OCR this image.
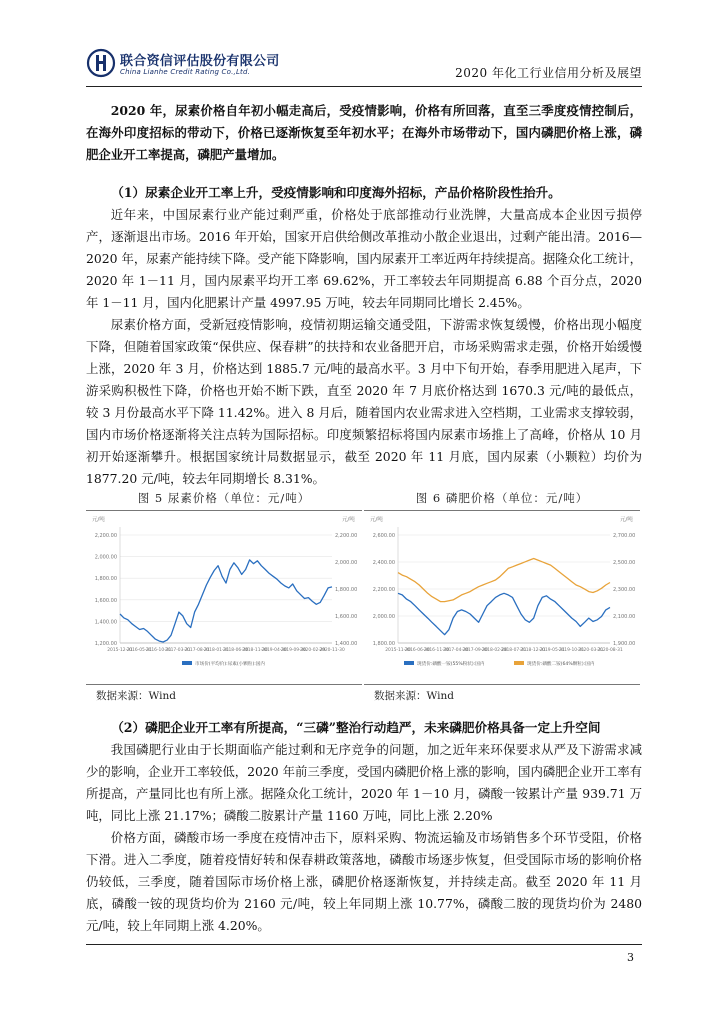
联合资信评估股份有限公司
China Lianhe Credit Rating Co.,Ltd.	2020 年化工行业信用分析及展望

2020 年，尿素价格自年初小幅走高后，受疫情影响，价格有所回落，直至三季度疫情控制后，在海外印度招标的带动下，价格已逐渐恢复至年初水平；在海外市场带动下，国内磷肥价格上涨，磷肥企业开工率提高，磷肥产量增加。

（1）尿素企业开工率上升，受疫情影响和印度海外招标，产品价格阶段性抬升。

近年来，中国尿素行业产能过剩严重，价格处于底部推动行业洗牌，大量高成本企业因亏损停产，逐渐退出市场。2016 年开始，国家开启供给侧改革推动小散企业退出，过剩产能出清。2016—2020 年，尿素产能持续下降。受产能下降影响，国内尿素开工率近两年持续提高。据隆众化工统计，2020 年 1－11 月，国内尿素平均开工率 69.62%，开工率较去年同期提高 6.88 个百分点，2020 年 1－11 月，国内化肥累计产量 4997.95 万吨，较去年同期同比增长 2.45%。

尿素价格方面，受新冠疫情影响，疫情初期运输交通受阻，下游需求恢复缓慢，价格出现小幅度下降，但随着国家政策“保供应、保春耕”的扶持和农业备肥开启，市场采购需求走强，价格开始缓慢上涨，2020 年 3 月，价格达到 1885.7 元/吨的最高水平。3 月中下旬开始，春季用肥进入尾声，下游采购积极性下降，价格也开始不断下跌，直至 2020 年 7 月底价格达到 1670.3 元/吨的最低点，较 3 月份最高水平下降 11.42%。进入 8 月后，随着国内农业需求进入空档期，工业需求支撑较弱，国内市场价格逐渐将关注点转为国际招标。印度频繁招标将国内尿素市场推上了高峰，价格从 10 月初开始逐渐攀升。根据国家统计局数据显示，截至 2020 年 11 月底，国内尿素（小颗粒）均价为 1877.20 元/吨，较去年同期增长 8.31%。

图 5 尿素价格（单位：元/吨）
元/吨	元/吨
2,200.00
2,000.00
1,800.00
1,600.00
1,400.00
1,200.00
2,200.00
2,000.00
1,800.00
1,600.00
1,400.00
2015-12-31
2016-05-31
2016-10-31
2017-03-31
2017-08-31
2018-01-31
2018-06-30
2018-11-30
2019-04-30
2019-09-30
2020-02-29
2020-11-30
市场价(平均价):尿素(小颗粒):国内
数据来源：Wind
图 6 磷肥价格（单位：元/吨）
元/吨	元/吨
2,600.00
2,400.00
2,200.00
2,000.00
1,800.00
2,700.00
2,500.00
2,300.00
2,100.00
1,900.00
2015-11-30
2016-06-30
2016-11-30
2017-04-30
2017-09-30
2018-02-28
2018-07-31
2018-12-31
2019-05-31
2019-10-31
2020-03-31
2020-08-31
现货价:磷酸一铵(55%粉状):国内	现货价:磷酸二铵(64%颗粒):国内
数据来源：Wind
（2）磷肥企业开工率有所提高，“三磷”整治行动趋严，未来磷肥价格具备一定上升空间

我国磷肥行业由于长期面临产能过剩和无序竞争的问题，加之近年来环保要求从严及下游需求减少的影响，企业开工率较低，2020 年前三季度，受国内磷肥价格上涨的影响，国内磷肥企业开工率有所提高，产量同比也有所上涨。据隆众化工统计，2020 年 1－10 月，磷酸一铵累计产量 939.71 万吨，同比上涨 21.17%；磷酸二胺累计产量 1160 万吨，同比上涨 2.20%

价格方面，磷酸市场一季度在疫情冲击下，原料采购、物流运输及市场销售多个环节受阻，价格下滑。进入二季度，随着疫情好转和保春耕政策落地，磷酸市场逐步恢复，但受国际市场的影响价格仍较低，三季度，随着国际市场价格上涨，磷肥价格逐渐恢复，并持续走高。截至 2020 年 11 月底，磷酸一铵的现货均价为 2160 元/吨，较上年同期上涨 10.77%，磷酸二胺的现货均价为 2480 元/吨，较上年同期上涨 4.20%。

3
